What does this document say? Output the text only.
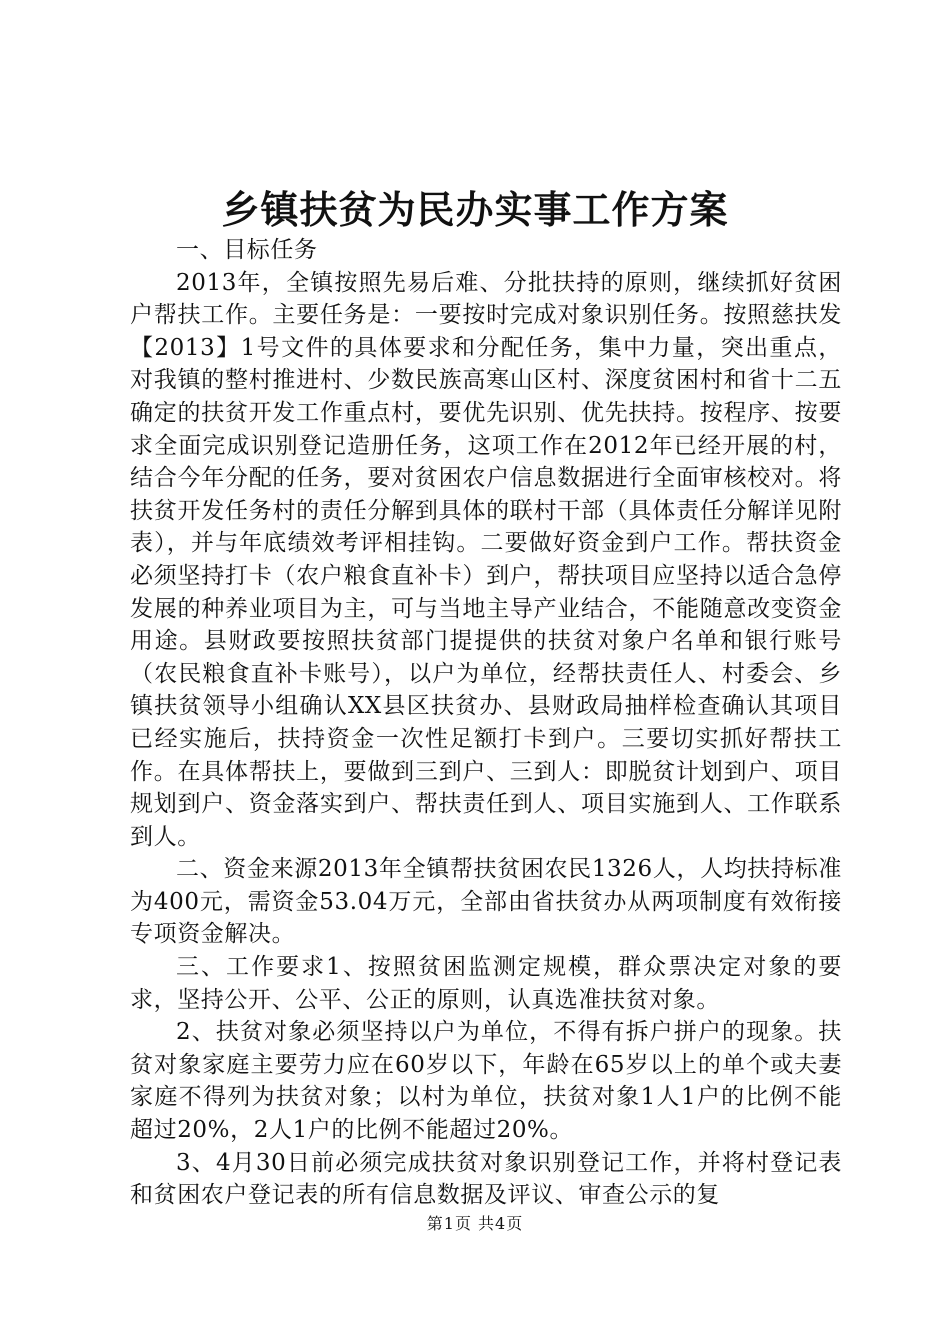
乡镇扶贫为民办实事工作方案

一、目标任务

2013年，全镇按照先易后难、分批扶持的原则，继续抓好贫困户帮扶工作。主要任务是：一要按时完成对象识别任务。按照慈扶发【2013】1号文件的具体要求和分配任务，集中力量，突出重点，对我镇的整村推进村、少数民族高寒山区村、深度贫困村和省十二五确定的扶贫开发工作重点村，要优先识别、优先扶持。按程序、按要求全面完成识别登记造册任务，这项工作在2012年已经开展的村，结合今年分配的任务，要对贫困农户信息数据进行全面审核校对。将扶贫开发任务村的责任分解到具体的联村干部（具体责任分解详见附表），并与年底绩效考评相挂钩。二要做好资金到户工作。帮扶资金必须坚持打卡（农户粮食直补卡）到户，帮扶项目应坚持以适合急停发展的种养业项目为主，可与当地主导产业结合，不能随意改变资金用途。县财政要按照扶贫部门提提供的扶贫对象户名单和银行账号（农民粮食直补卡账号），以户为单位，经帮扶责任人、村委会、乡镇扶贫领导小组确认XX县区扶贫办、县财政局抽样检查确认其项目已经实施后，扶持资金一次性足额打卡到户。三要切实抓好帮扶工作。在具体帮扶上，要做到三到户、三到人：即脱贫计划到户、项目规划到户、资金落实到户、帮扶责任到人、项目实施到人、工作联系到人。

二、资金来源2013年全镇帮扶贫困农民1326人，人均扶持标准为400元，需资金53.04万元，全部由省扶贫办从两项制度有效衔接专项资金解决。

三、工作要求1、按照贫困监测定规模，群众票决定对象的要求，坚持公开、公平、公正的原则，认真选准扶贫对象。

2、扶贫对象必须坚持以户为单位，不得有拆户拼户的现象。扶贫对象家庭主要劳力应在60岁以下，年龄在65岁以上的单个或夫妻家庭不得列为扶贫对象；以村为单位，扶贫对象1人1户的比例不能超过20%，2人1户的比例不能超过20%。

3、4月30日前必须完成扶贫对象识别登记工作，并将村登记表和贫困农户登记表的所有信息数据及评议、审查公示的复

第1页 共4页
